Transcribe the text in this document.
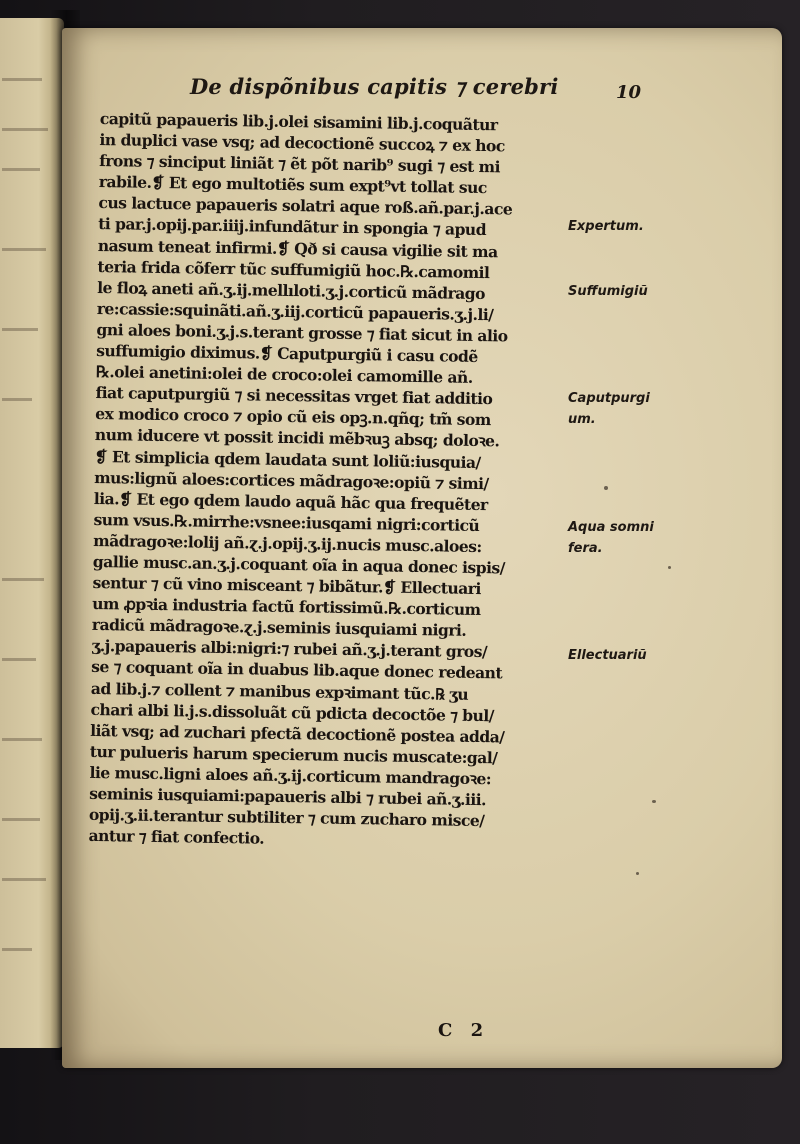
De dispõnibus capitis ⁊ cerebri	10
capitũ papaueris lib.j.olei sisamini lib.j.coquãtur
in duplici vase vsq; ad decoctionẽ succoꝝ ⁊ ex hoc
frons ⁊ sinciput liniãt ⁊ ẽt põt narib⁹ sugi ⁊ est mi
rabile.❡ Et ego multotiẽs sum expt⁹vt tollat suc
cus lactuce papaueris solatri aque roß.añ.par.j.ace
ti par.j.opij.par.iiij.infundãtur in spongia ⁊ apud
nasum teneat infirmi.❡ Qð si causa vigilie sit ma
teria frida cõferr tũc suffumigiũ hoc.℞.camomil
le floꝝ aneti añ.ʒ.ij.mellıloti.ʒ.j.corticũ mãdrago
re:cassie:squinãti.añ.ʒ.iij.corticũ papaueris.ʒ.j.li/
gni aloes boni.ʒ.j.s.terant grosse ⁊ fiat sicut in alio
suffumigio diximus.❡ Caputpurgiũ i casu codẽ
℞.olei anetini:olei de croco:olei camomille añ.
fiat caputpurgiũ ⁊ si necessitas vrget fiat additio
ex modico croco ⁊ opio cũ eis opꝫ.n.qñq; tm̃ som
num iducere vt possit incidi mẽbꝛuꝫ absq; doloꝛe.
❡ Et simplicia qdem laudata sunt loliũ:iusquia/
mus:lignũ aloes:cortices mãdragoꝛe:opiũ ⁊ simi/
lia.❡ Et ego qdem laudo aquã hãc qua frequẽter
sum vsus.℞.mirrhe:vsnee:iusqami nigri:corticũ
mãdragoꝛe:lolij añ.ɀ.j.opij.ʒ.ij.nucis musc.aloes:
gallie musc.an.ʒ.j.coquant oĩa in aqua donec ispis/
sentur ⁊ cũ vino misceant ⁊ bibãtur.❡ Ellectuari
um ꝓpꝛia industria factũ fortissimũ.℞.corticum
radicũ mãdragoꝛe.ɀ.j.seminis iusquiami nigri.
ʒ.j.papaueris albi:nigri:⁊ rubei añ.ʒ.j.terant gros/
se ⁊ coquant oĩa in duabus lib.aque donec redeant
ad lib.j.⁊ collent ⁊ manibus expꝛimant tũc.℞ ʒu
chari albi li.j.s.dissoluãt cũ pdicta decoctõe ⁊ bul/
liãt vsq; ad zuchari pfectã decoctionẽ postea adda/
tur pulueris harum specierum nucis muscate:gal/
lie musc.ligni aloes añ.ʒ.ij.corticum mandragoꝛe:
seminis iusquiami:papaueris albi ⁊ rubei añ.ʒ.iii.
opij.ʒ.ii.terantur subtiliter ⁊ cum zucharo misce/
antur ⁊ fiat confectio.
Expertum.
Suffumigiũ
Caputpurgi
um.
Aqua somni
fera.
Ellectuariũ
C 2
